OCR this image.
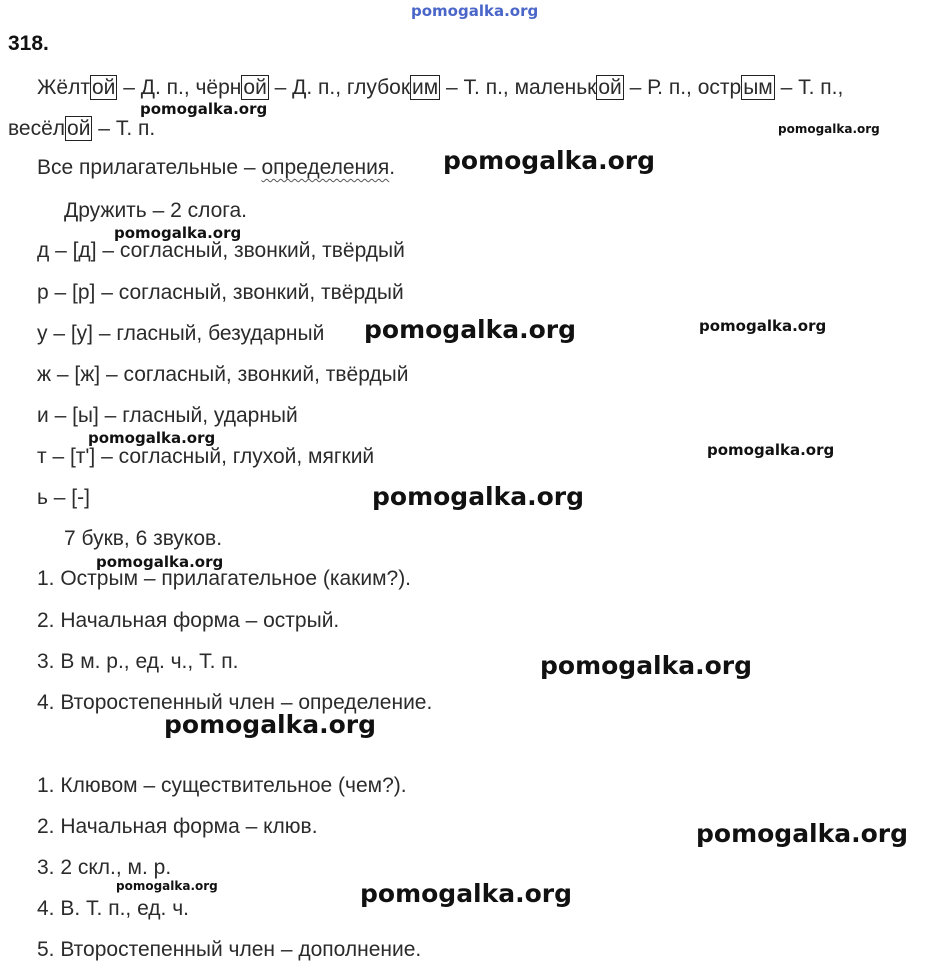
pomogalka.org
318.
Жёлтой – Д. п., чёрной – Д. п., глубоким – Т. п., маленькой – Р. п., острым – Т. п.,
весёлой – Т. п.
Все прилагательные – определения.
Дружить – 2 слога.
д – [д] – согласный, звонкий, твёрдый
р – [р] – согласный, звонкий, твёрдый
у – [у] – гласный, безударный
ж – [ж] – согласный, звонкий, твёрдый
и – [ы] – гласный, ударный
т – [т'] – согласный, глухой, мягкий
ь – [-]
7 букв, 6 звуков.
1. Острым – прилагательное (каким?).
2. Начальная форма – острый.
3. В м. р., ед. ч., Т. п.
4. Второстепенный член – определение.
1. Клювом – существительное (чем?).
2. Начальная форма – клюв.
3. 2 скл., м. р.
4. В. Т. п., ед. ч.
5. Второстепенный член – дополнение.
pomogalka.org
pomogalka.org
pomogalka.org
pomogalka.org
pomogalka.org	pomogalka.org
pomogalka.org
pomogalka.org
pomogalka.org
pomogalka.org
pomogalka.org
pomogalka.org
pomogalka.org
pomogalka.org	pomogalka.org
